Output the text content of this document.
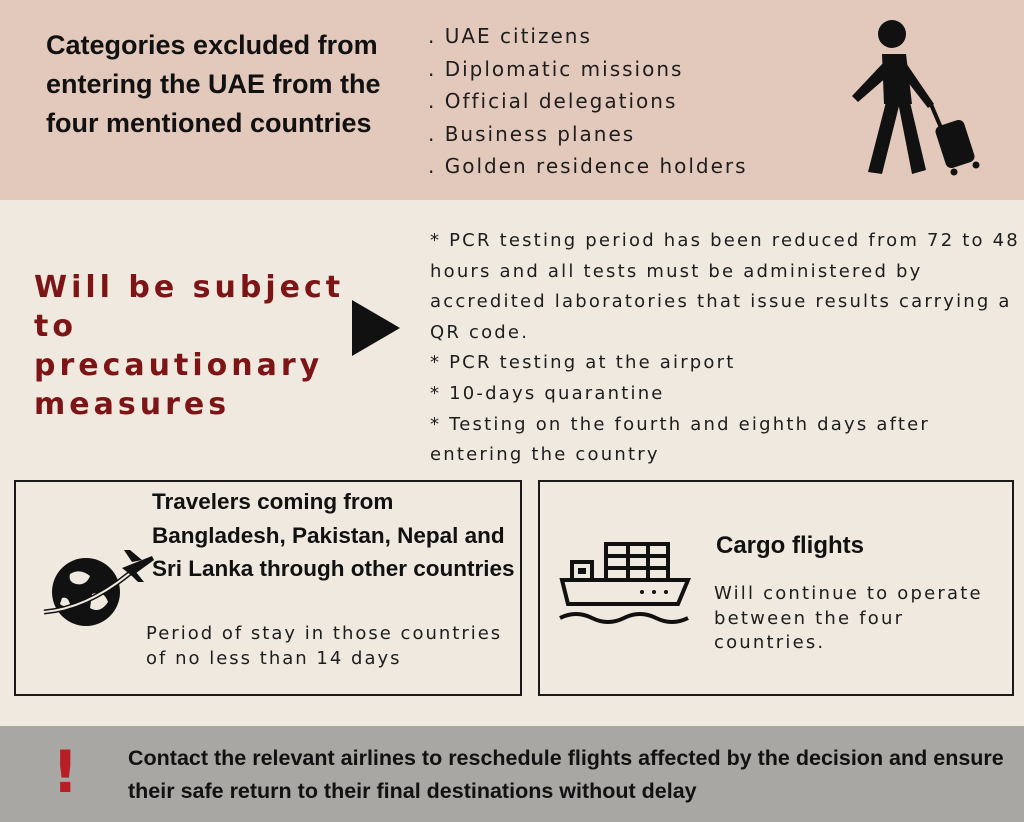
Categories excluded from entering the UAE from the four mentioned countries
. UAE citizens
. Diplomatic missions
. Official delegations
. Business planes
. Golden residence holders
Will be subject to precautionary measures

* PCR testing period has been reduced from 72 to 48 hours and all tests must be administered by accredited laboratories that issue results carrying a QR code.

* PCR testing at the airport

* 10-days quarantine

* Testing on the fourth and eighth days after entering the country

Travelers coming from Bangladesh, Pakistan, Nepal and Sri Lanka through other countries
Period of stay in those countries of no less than 14 days
Cargo flights
Will continue to operate between the four countries.
! Contact the relevant airlines to reschedule flights affected by the decision and ensure their safe return to their final destinations without delay
